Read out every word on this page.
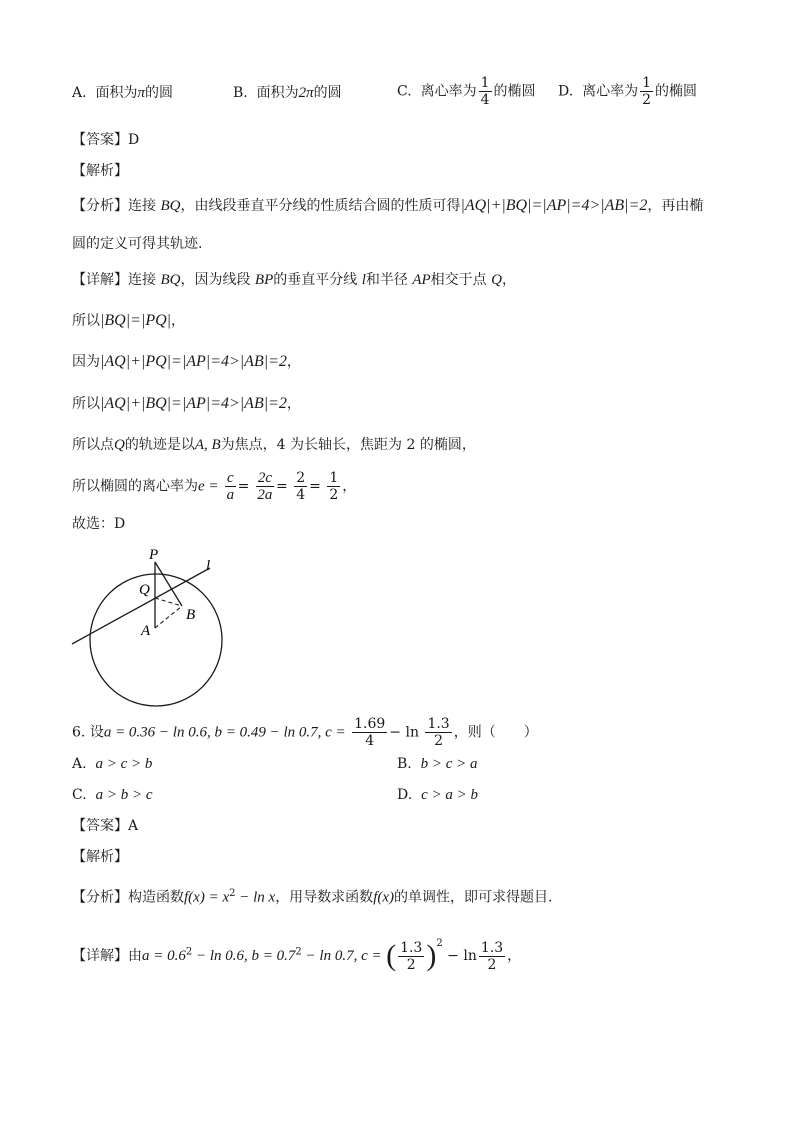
A. 面积为π的圆	B. 面积为2π的圆	C. 离心率为 $\frac{1}{4}$ 的椭圆 D. 离心率为 $\frac{1}{2}$ 的椭圆
【答案】D
【解析】
【分析】连接 BQ，由线段垂直平分线的性质结合圆的性质可得|AQ|+|BQ|=|AP|=4>|AB|=2，再由椭
圆的定义可得其轨迹.
【详解】连接 BQ，因为线段 BP的垂直平分线 l和半径 AP相交于点 Q，
所以|BQ|=|PQ|，
因为|AQ|+|PQ|=|AP|=4>|AB|=2，
所以|AQ|+|BQ|=|AP|=4>|AB|=2，
所以点Q的轨迹是以A, B为焦点，4 为长轴长，焦距为 2 的椭圆，
所以椭圆的离心率为$e = \frac{c}{a} = \frac{2c}{2a} = \frac{2}{4} = \frac{1}{2}$ ，
故选：D
P
Q
A
B
l
6. 设a = 0.36 − ln 0.6, b = 0.49 − ln 0.7, $c = \frac{1.69}{4} - \ln \frac{1.3}{2}$ ，则（　　）
A. a > c > b	B. b > c > a
C. a > b > c	D. c > a > b
【答案】A
【解析】
【分析】构造函数$f(x) = x^2 - \ln x$，用导数求函数f(x)的单调性，即可求得题目.
【详解】由$a = 0.6^2 - \ln 0.6$, $b = 0.7^2 - \ln 0.7$, c = ( $\frac{1.3}{2} )^2 - \ln \frac{1.3}{2}$ ，
